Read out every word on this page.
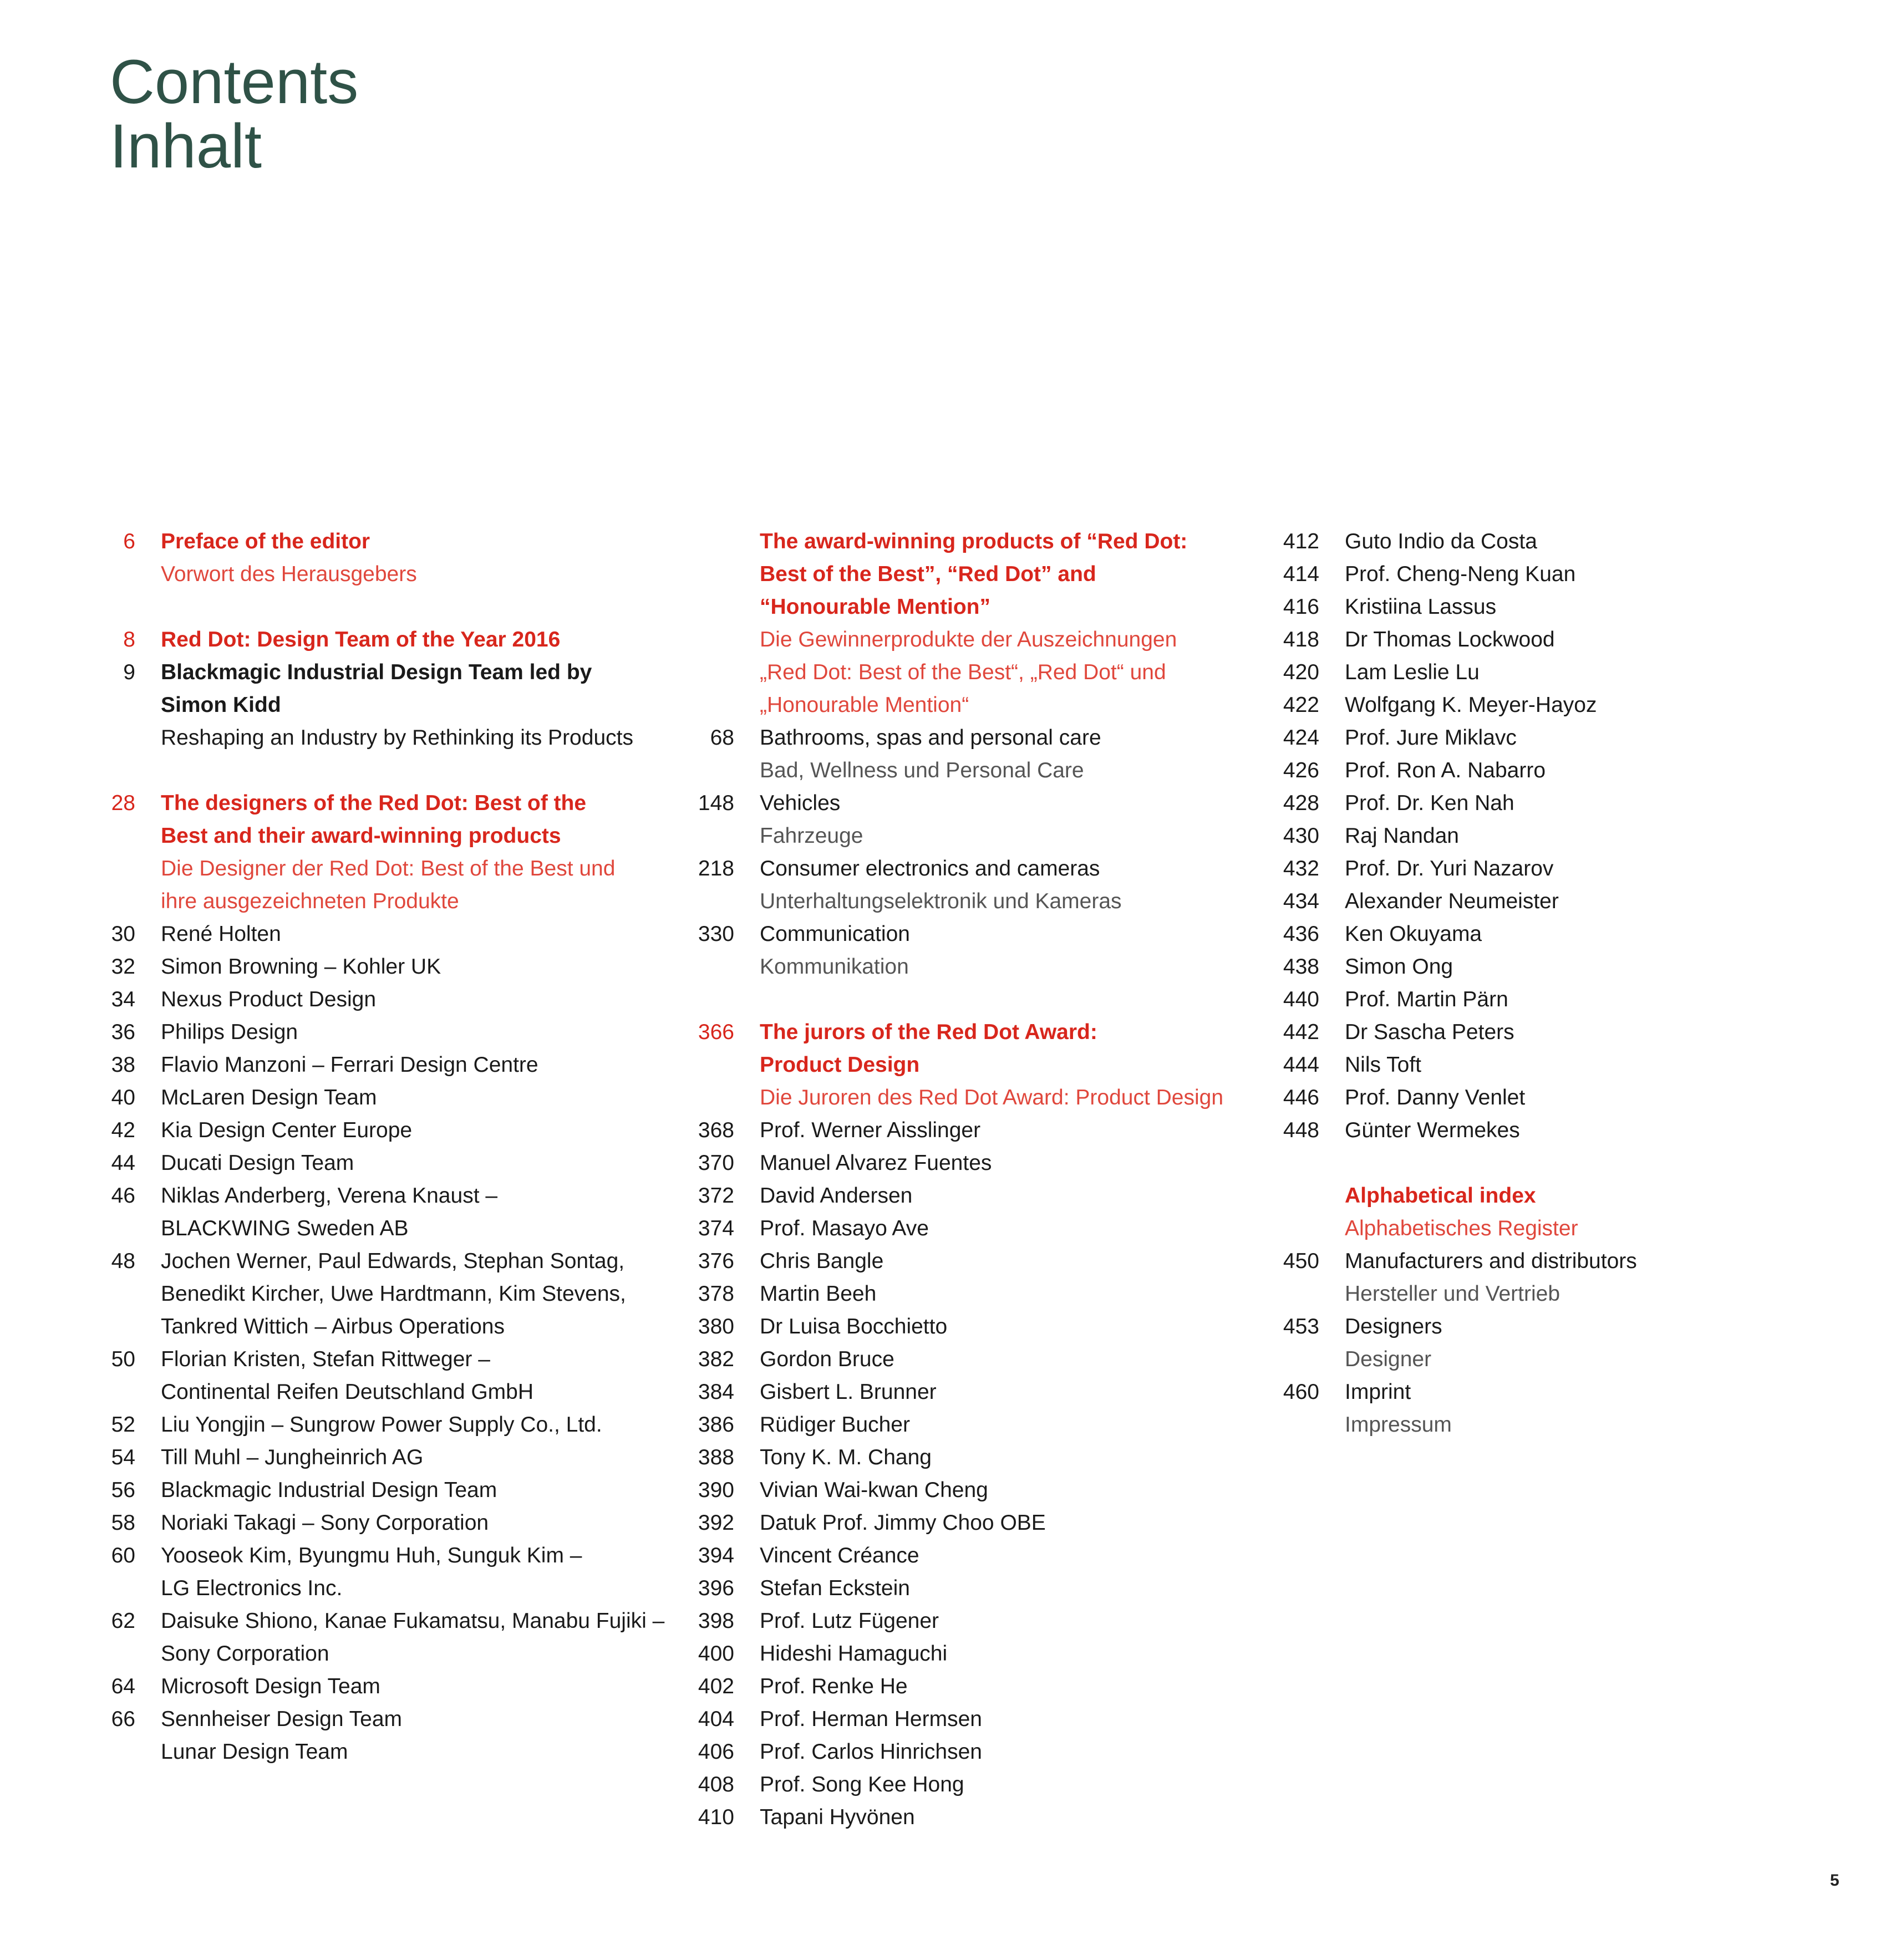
Contents
Inhalt
6 Preface of the editor
Vorwort des Herausgebers
8 Red Dot: Design Team of the Year 2016
9 Blackmagic Industrial Design Team led by
Simon Kidd
Reshaping an Industry by Rethinking its Products
28 The designers of the Red Dot: Best of the
Best and their award-winning products
Die Designer der Red Dot: Best of the Best und
ihre ausgezeichneten Produkte
30 René Holten
32 Simon Browning – Kohler UK
34 Nexus Product Design
36 Philips Design
38 Flavio Manzoni – Ferrari Design Centre
40 McLaren Design Team
42 Kia Design Center Europe
44 Ducati Design Team
46 Niklas Anderberg, Verena Knaust –
BLACKWING Sweden AB
48 Jochen Werner, Paul Edwards, Stephan Sontag,
Benedikt Kircher, Uwe Hardtmann, Kim Stevens,
Tankred Wittich – Airbus Operations
50 Florian Kristen, Stefan Rittweger –
Continental Reifen Deutschland GmbH
52 Liu Yongjin – Sungrow Power Supply Co., Ltd.
54 Till Muhl – Jungheinrich AG
56 Blackmagic Industrial Design Team
58 Noriaki Takagi – Sony Corporation
60 Yooseok Kim, Byungmu Huh, Sunguk Kim –
LG Electronics Inc.
62 Daisuke Shiono, Kanae Fukamatsu, Manabu Fujiki –
Sony Corporation
64 Microsoft Design Team
66 Sennheiser Design Team
Lunar Design Team
The award-winning products of “Red Dot:
Best of the Best”, “Red Dot” and
“Honourable Mention”
Die Gewinnerprodukte der Auszeichnungen
„Red Dot: Best of the Best“, „Red Dot“ und
„Honourable Mention“
68 Bathrooms, spas and personal care
Bad, Wellness und Personal Care
148 Vehicles
Fahrzeuge
218 Consumer electronics and cameras
Unterhaltungselektronik und Kameras
330 Communication
Kommunikation
366 The jurors of the Red Dot Award:
Product Design
Die Juroren des Red Dot Award: Product Design
368 Prof. Werner Aisslinger
370 Manuel Alvarez Fuentes
372 David Andersen
374 Prof. Masayo Ave
376 Chris Bangle
378 Martin Beeh
380 Dr Luisa Bocchietto
382 Gordon Bruce
384 Gisbert L. Brunner
386 Rüdiger Bucher
388 Tony K. M. Chang
390 Vivian Wai-kwan Cheng
392 Datuk Prof. Jimmy Choo OBE
394 Vincent Créance
396 Stefan Eckstein
398 Prof. Lutz Fügener
400 Hideshi Hamaguchi
402 Prof. Renke He
404 Prof. Herman Hermsen
406 Prof. Carlos Hinrichsen
408 Prof. Song Kee Hong
410 Tapani Hyvönen
412 Guto Indio da Costa
414 Prof. Cheng-Neng Kuan
416 Kristiina Lassus
418 Dr Thomas Lockwood
420 Lam Leslie Lu
422 Wolfgang K. Meyer-Hayoz
424 Prof. Jure Miklavc
426 Prof. Ron A. Nabarro
428 Prof. Dr. Ken Nah
430 Raj Nandan
432 Prof. Dr. Yuri Nazarov
434 Alexander Neumeister
436 Ken Okuyama
438 Simon Ong
440 Prof. Martin Pärn
442 Dr Sascha Peters
444 Nils Toft
446 Prof. Danny Venlet
448 Günter Wermekes
Alphabetical index
Alphabetisches Register
450 Manufacturers and distributors
Hersteller und Vertrieb
453 Designers
Designer
460 Imprint
Impressum
5
